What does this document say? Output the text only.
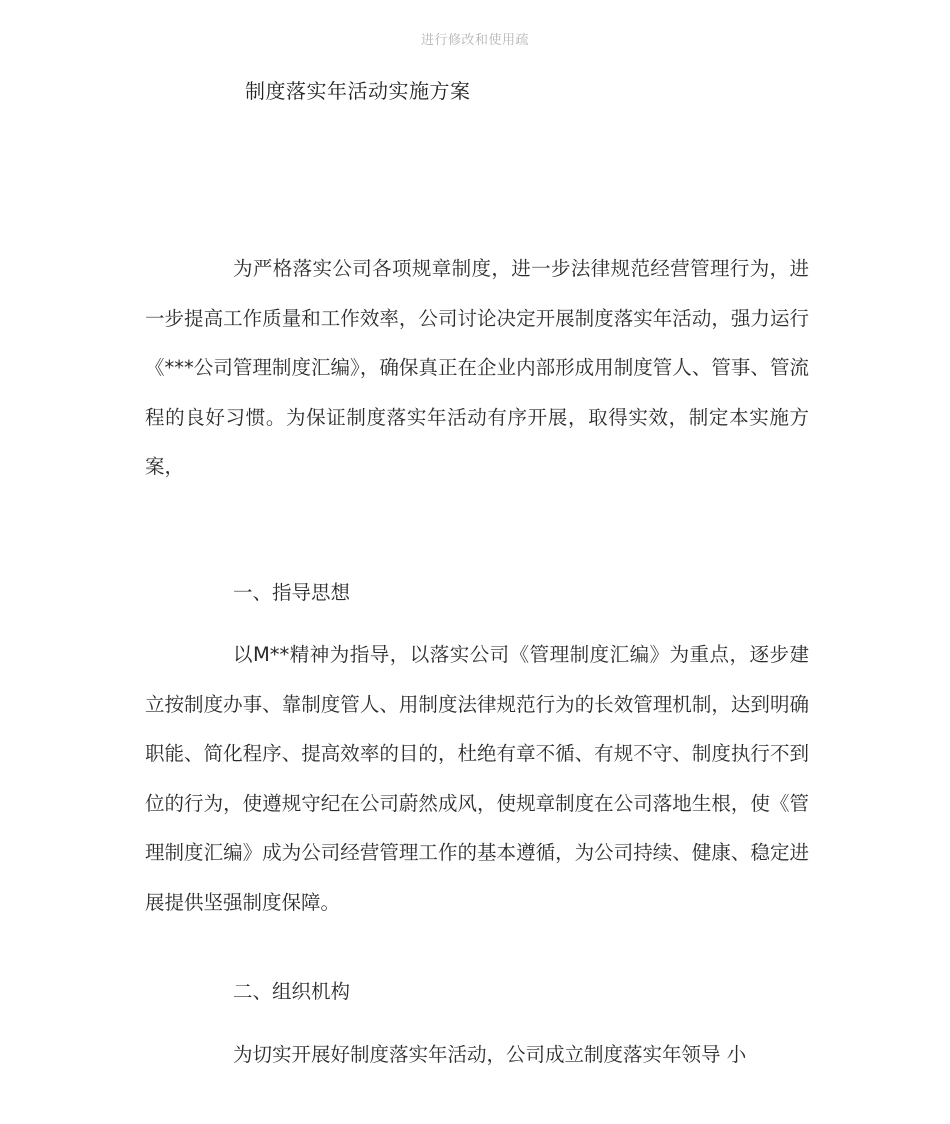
进行修改和使用疏
制度落实年活动实施方案

为严格落实公司各项规章制度，进一步法律规范经营管理行为，进一步提高工作质量和工作效率，公司讨论决定开展制度落实年活动，强力运行《***公司管理制度汇编》，确保真正在企业内部形成用制度管人、管事、管流程的良好习惯。为保证制度落实年活动有序开展，取得实效，制定本实施方案，

一、指导思想

以M**精神为指导，以落实公司《管理制度汇编》为重点，逐步建立按制度办事、靠制度管人、用制度法律规范行为的长效管理机制，达到明确职能、简化程序、提高效率的目的，杜绝有章不循、有规不守、制度执行不到位的行为，使遵规守纪在公司蔚然成风，使规章制度在公司落地生根，使《管理制度汇编》成为公司经营管理工作的基本遵循，为公司持续、健康、稳定进展提供坚强制度保障。

二、组织机构

为切实开展好制度落实年活动，公司成立制度落实年领导 小
